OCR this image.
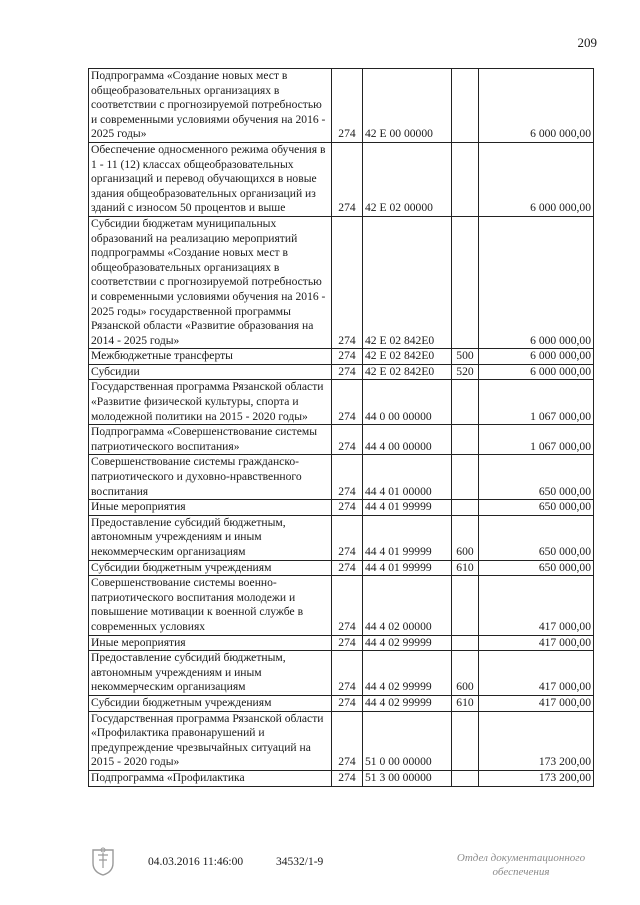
209
Подпрограмма «Создание новых мест в общеобразовательных организациях в соответствии с прогнозируемой потребностью и современными условиями обучения на 2016 - 2025 годы»	274	42 Е 00 00000		6 000 000,00
Обеспечение односменного режима обучения в 1 - 11 (12) классах общеобразовательных организаций и перевод обучающихся в новые здания общеобразовательных организаций из зданий с износом 50 процентов и выше	274	42 Е 02 00000		6 000 000,00
Субсидии бюджетам муниципальных образований на реализацию мероприятий подпрограммы «Создание новых мест в общеобразовательных организациях в соответствии с прогнозируемой потребностью и современными условиями обучения на 2016 - 2025 годы» государственной программы Рязанской области «Развитие образования на 2014 - 2025 годы»	274	42 Е 02 842Е0		6 000 000,00
Межбюджетные трансферты	274	42 Е 02 842Е0	500	6 000 000,00
Субсидии	274	42 Е 02 842Е0	520	6 000 000,00
Государственная программа Рязанской области «Развитие физической культуры, спорта и молодежной политики на 2015 - 2020 годы»	274	44 0 00 00000		1 067 000,00
Подпрограмма «Совершенствование системы патриотического воспитания»	274	44 4 00 00000		1 067 000,00
Совершенствование системы гражданско-патриотического и духовно-нравственного воспитания	274	44 4 01 00000		650 000,00
Иные мероприятия	274	44 4 01 99999		650 000,00
Предоставление субсидий бюджетным, автономным учреждениям и иным некоммерческим организациям	274	44 4 01 99999	600	650 000,00
Субсидии бюджетным учреждениям	274	44 4 01 99999	610	650 000,00
Совершенствование системы военно-патриотического воспитания молодежи и повышение мотивации к военной службе в современных условиях	274	44 4 02 00000		417 000,00
Иные мероприятия	274	44 4 02 99999		417 000,00
Предоставление субсидий бюджетным, автономным учреждениям и иным некоммерческим организациям	274	44 4 02 99999	600	417 000,00
Субсидии бюджетным учреждениям	274	44 4 02 99999	610	417 000,00
Государственная программа Рязанской области «Профилактика правонарушений и предупреждение чрезвычайных ситуаций на 2015 - 2020 годы»	274	51 0 00 00000		173 200,00
Подпрограмма «Профилактика	274	51 3 00 00000		173 200,00
04.03.2016 11:46:00	34532/1-9	Отдел документационного обеспечения
